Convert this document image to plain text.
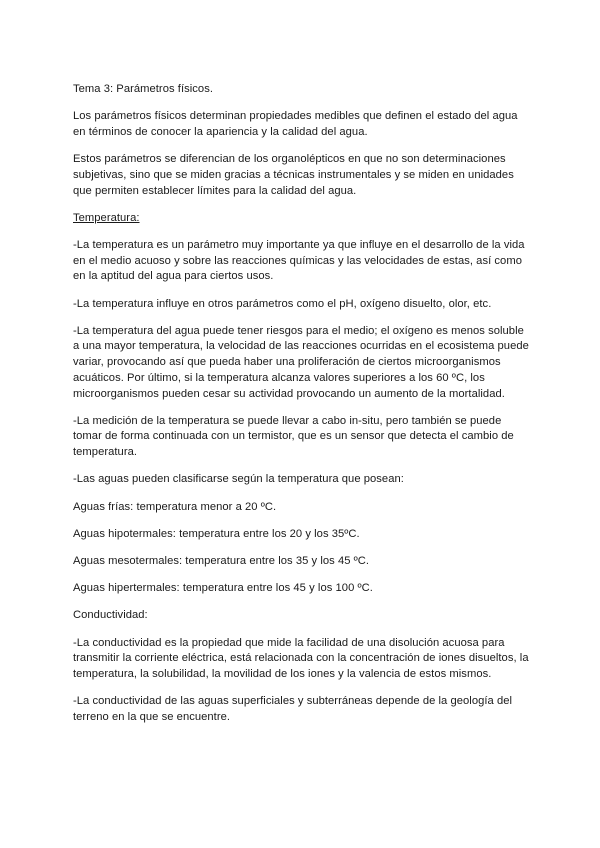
Tema 3: Parámetros físicos.

Los parámetros físicos determinan propiedades medibles que definen el estado del agua en términos de conocer la apariencia y la calidad del agua.

Estos parámetros se diferencian de los organolépticos en que no son determinaciones subjetivas, sino que se miden gracias a técnicas instrumentales y se miden en unidades que permiten establecer límites para la calidad del agua.

Temperatura:

-La temperatura es un parámetro muy importante ya que influye en el desarrollo de la vida en el medio acuoso y sobre las reacciones químicas y las velocidades de estas, así como en la aptitud del agua para ciertos usos.

-La temperatura influye en otros parámetros como el pH, oxígeno disuelto, olor, etc.

-La temperatura del agua puede tener riesgos para el medio; el oxígeno es menos soluble a una mayor temperatura, la velocidad de las reacciones ocurridas en el ecosistema puede variar, provocando así que pueda haber una proliferación de ciertos microorganismos acuáticos. Por último, si la temperatura alcanza valores superiores a los 60 ºC, los microorganismos pueden cesar su actividad provocando un aumento de la mortalidad.

-La medición de la temperatura se puede llevar a cabo in-situ, pero también se puede tomar de forma continuada con un termistor, que es un sensor que detecta el cambio de temperatura.

-Las aguas pueden clasificarse según la temperatura que posean:

Aguas frías: temperatura menor a 20 ºC.

Aguas hipotermales: temperatura entre los 20 y los 35ºC.

Aguas mesotermales: temperatura entre los 35 y los 45 ºC.

Aguas hipertermales: temperatura entre los 45 y los 100 ºC.

Conductividad:

-La conductividad es la propiedad que mide la facilidad de una disolución acuosa para transmitir la corriente eléctrica, está relacionada con la concentración de iones disueltos, la temperatura, la solubilidad, la movilidad de los iones y la valencia de estos mismos.

-La conductividad de las aguas superficiales y subterráneas depende de la geología del terreno en la que se encuentre.
